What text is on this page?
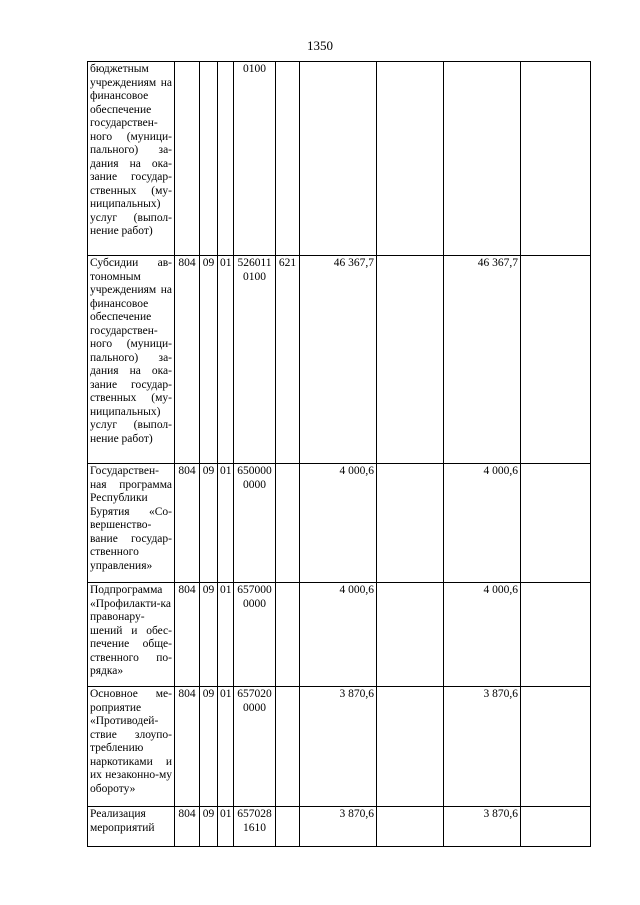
1350
бюджетным учреждениям на финансовое обеспечение государствен-ного (муници-пального) за-дания на ока-зание государ-ственных (му-ниципальных) услуг (выпол-нение работ)				0100					
Субсидии ав-тономным учреждениям на финансовое обеспечение государствен-ного (муници-пального) за-дания на ока-зание государ-ственных (му-ниципальных) услуг (выпол-нение работ)	804	09	01	5260110100	621	46 367,7		46 367,7	
Государствен-ная программа Республики Бурятия «Со-вершенство-вание государ-ственного управления»	804	09	01	6500000000		4 000,6		4 000,6	
Подпрограмма «Профилакти-ка правонару-шений и обес-печение обще-ственного по-рядка»	804	09	01	6570000000		4 000,6		4 000,6	
Основное ме-роприятие «Противодей-ствие злоупо-треблению наркотиками и их незаконно-му обороту»	804	09	01	6570200000		3 870,6		3 870,6	
Реализация мероприятий	804	09	01	6570281610		3 870,6		3 870,6	
